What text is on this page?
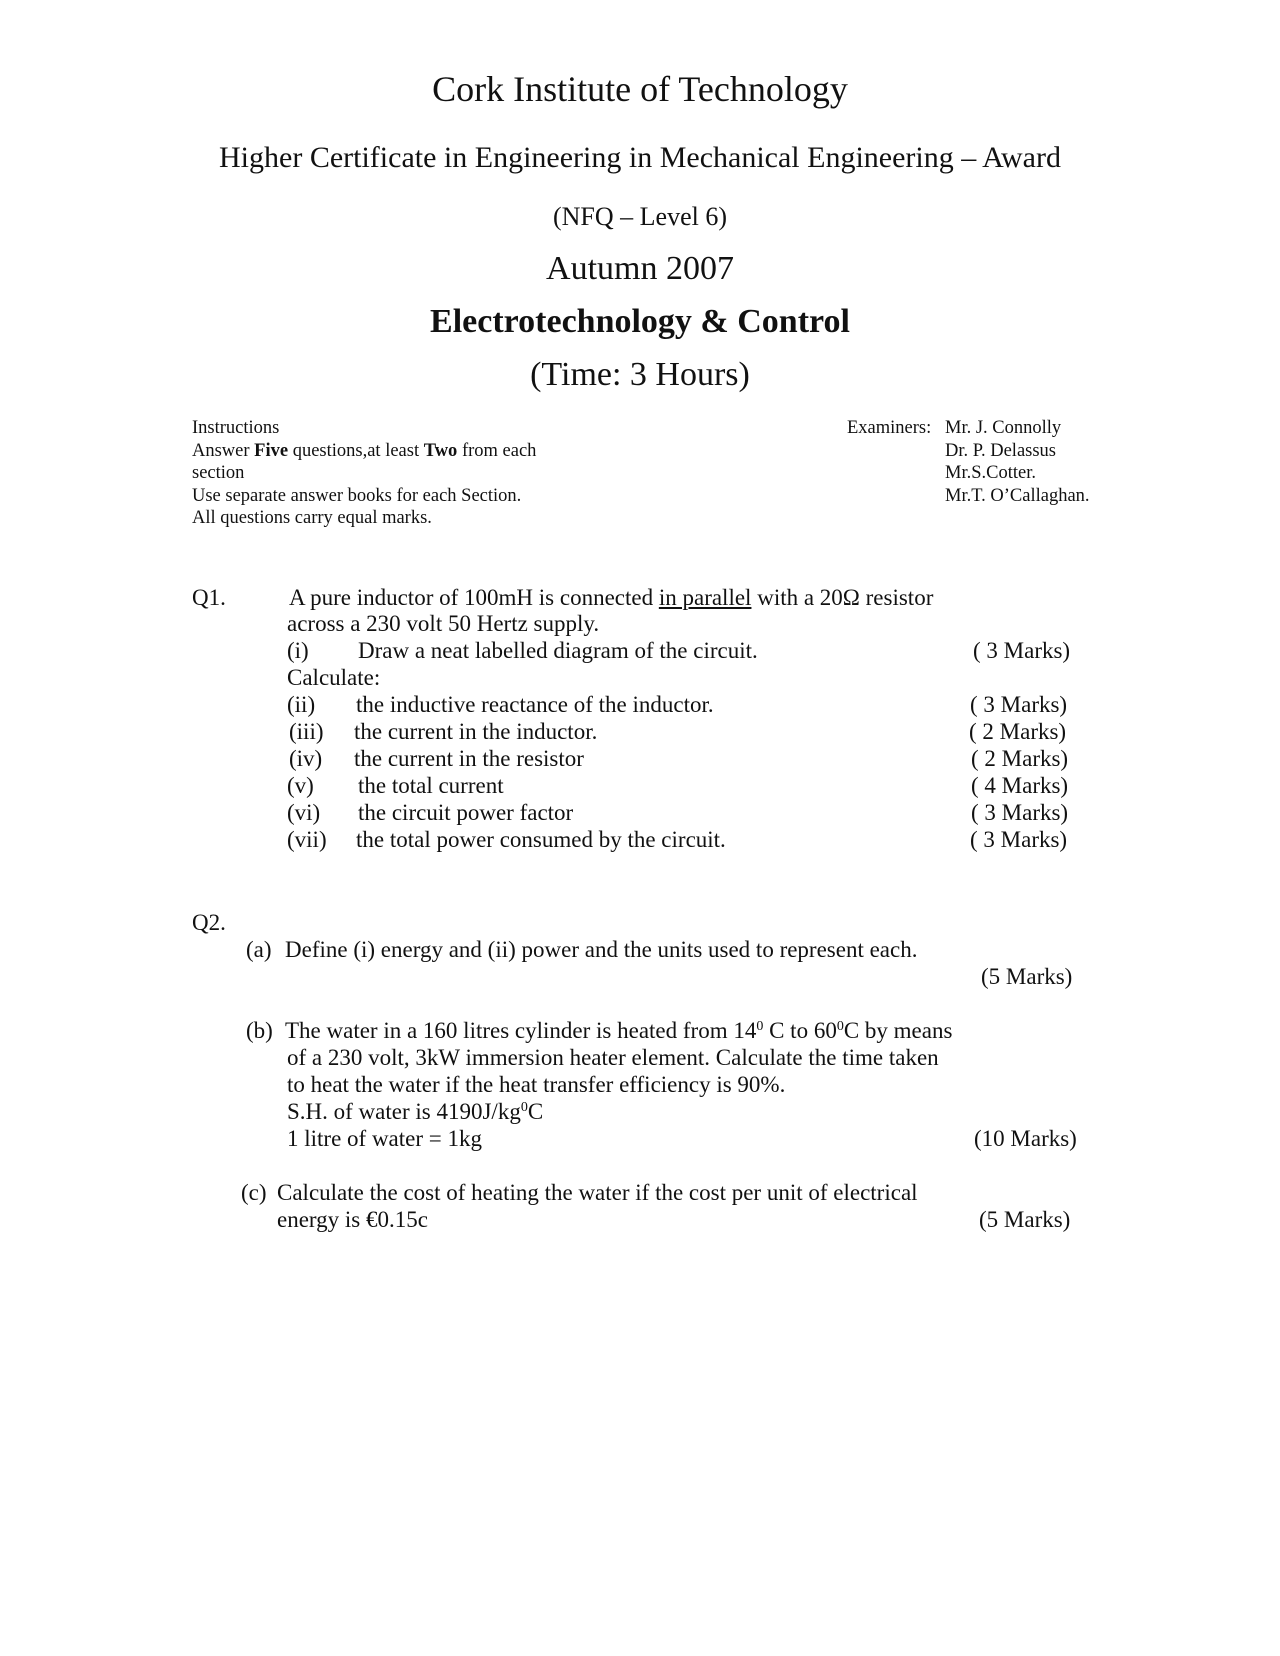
Cork Institute of Technology
Higher Certificate in Engineering in Mechanical Engineering – Award
(NFQ – Level 6)
Autumn 2007
Electrotechnology & Control
(Time: 3 Hours)
Instructions
Answer Five questions,at least Two from each
section
Use separate answer books for each Section.
All questions carry equal marks.
Examiners: Mr. J. Connolly
Dr. P. Delassus
Mr.S.Cotter.
Mr.T. O’Callaghan.
Q1.	A pure inductor of 100mH is connected in parallel with a 20Ω resistor
across a 230 volt 50 Hertz supply.
(i) Draw a neat labelled diagram of the circuit.	( 3 Marks)
Calculate:
(ii) the inductive reactance of the inductor.	( 3 Marks)
(iii) the current in the inductor.	( 2 Marks)
(iv) the current in the resistor	( 2 Marks)
(v) the total current	( 4 Marks)
(vi) the circuit power factor	( 3 Marks)
(vii) the total power consumed by the circuit.	( 3 Marks)
Q2.
(a) Define (i) energy and (ii) power and the units used to represent each.
(5 Marks)
(b) The water in a 160 litres cylinder is heated from $14^0$ C to $60^0C$ by means
of a 230 volt, 3kW immersion heater element. Calculate the time taken
to heat the water if the heat transfer efficiency is 90%.
S.H. of water is $4190J/kg^0C$
1 litre of water = 1kg	(10 Marks)
(c) Calculate the cost of heating the water if the cost per unit of electrical
energy is €0.15c	(5 Marks)
